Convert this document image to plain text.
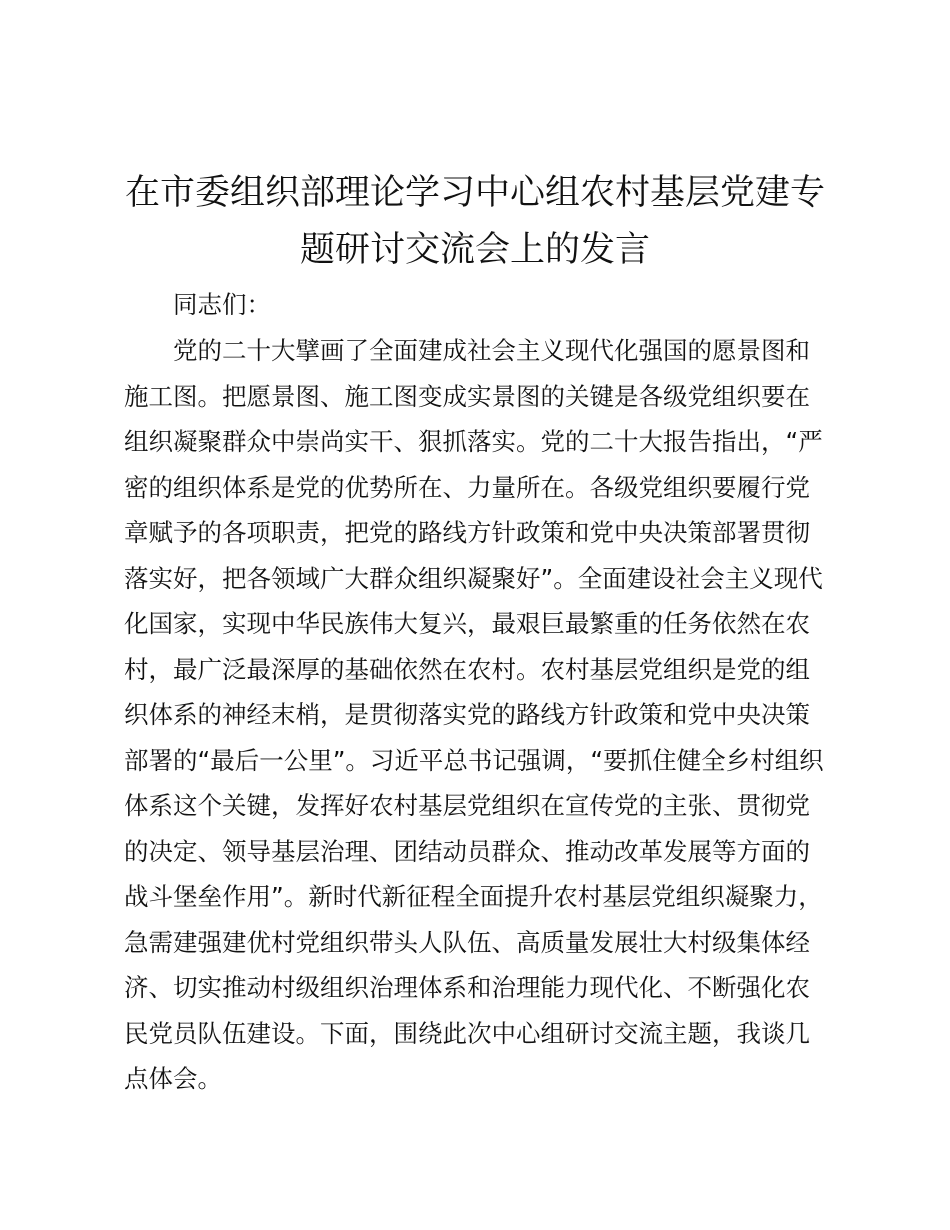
在市委组织部理论学习中心组农村基层党建专
题研讨交流会上的发言

同志们：

党的二十大擘画了全面建成社会主义现代化强国的愿景图和
施工图。把愿景图、施工图变成实景图的关键是各级党组织要在
组织凝聚群众中崇尚实干、狠抓落实。党的二十大报告指出，“严
密的组织体系是党的优势所在、力量所在。各级党组织要履行党
章赋予的各项职责，把党的路线方针政策和党中央决策部署贯彻
落实好，把各领域广大群众组织凝聚好”。全面建设社会主义现代
化国家，实现中华民族伟大复兴，最艰巨最繁重的任务依然在农
村，最广泛最深厚的基础依然在农村。农村基层党组织是党的组
织体系的神经末梢，是贯彻落实党的路线方针政策和党中央决策
部署的“最后一公里”。习近平总书记强调，“要抓住健全乡村组织
体系这个关键，发挥好农村基层党组织在宣传党的主张、贯彻党
的决定、领导基层治理、团结动员群众、推动改革发展等方面的
战斗堡垒作用”。新时代新征程全面提升农村基层党组织凝聚力，
急需建强建优村党组织带头人队伍、高质量发展壮大村级集体经
济、切实推动村级组织治理体系和治理能力现代化、不断强化农
民党员队伍建设。下面，围绕此次中心组研讨交流主题，我谈几
点体会。
